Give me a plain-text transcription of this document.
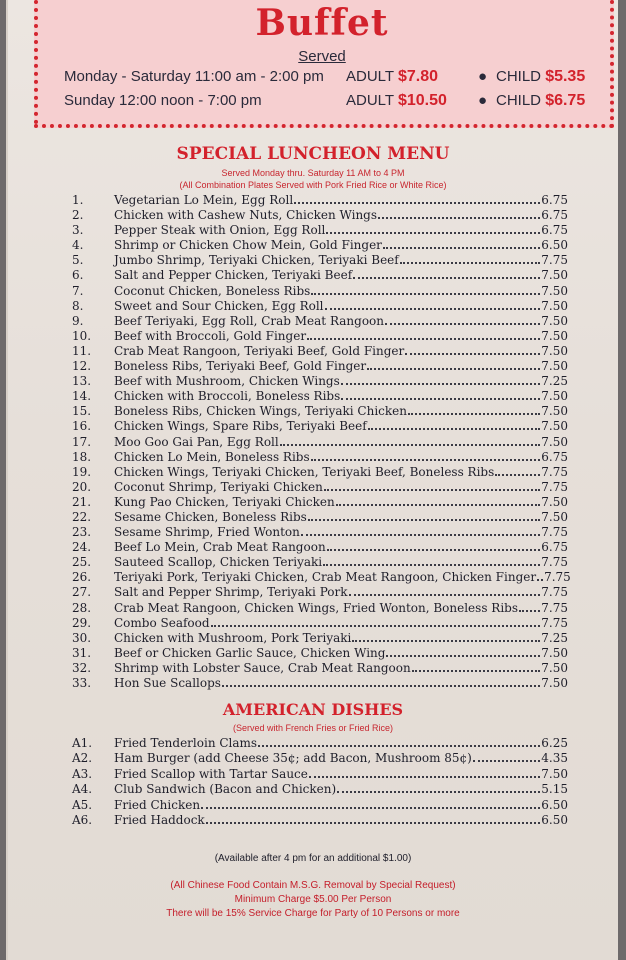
Buffet
Served
Monday - Saturday 11:00 am - 2:00 pm ADULT $7.80	● CHILD $5.35
Sunday 12:00 noon - 7:00 pm	ADULT $10.50 ● CHILD $6.75
SPECIAL LUNCHEON MENU
Served Monday thru. Saturday 11 AM to 4 PM
(All Combination Plates Served with Pork Fried Rice or White Rice)
1.	Vegetarian Lo Mein, Egg Roll	6.75
2.	Chicken with Cashew Nuts, Chicken Wings	6.75
3.	Pepper Steak with Onion, Egg Roll	6.75
4.	Shrimp or Chicken Chow Mein, Gold Finger	6.50
5.	Jumbo Shrimp, Teriyaki Chicken, Teriyaki Beef	7.75
6.	Salt and Pepper Chicken, Teriyaki Beef	7.50
7.	Coconut Chicken, Boneless Ribs	7.50
8.	Sweet and Sour Chicken, Egg Roll	7.50
9.	Beef Teriyaki, Egg Roll, Crab Meat Rangoon	7.50
10.	Beef with Broccoli, Gold Finger	7.50
11.	Crab Meat Rangoon, Teriyaki Beef, Gold Finger	7.50
12.	Boneless Ribs, Teriyaki Beef, Gold Finger	7.50
13.	Beef with Mushroom, Chicken Wings	7.25
14.	Chicken with Broccoli, Boneless Ribs	7.50
15.	Boneless Ribs, Chicken Wings, Teriyaki Chicken	7.50
16.	Chicken Wings, Spare Ribs, Teriyaki Beef	7.50
17.	Moo Goo Gai Pan, Egg Roll	7.50
18.	Chicken Lo Mein, Boneless Ribs	6.75
19.	Chicken Wings, Teriyaki Chicken, Teriyaki Beef, Boneless Ribs	7.75
20.	Coconut Shrimp, Teriyaki Chicken	7.75
21.	Kung Pao Chicken, Teriyaki Chicken	7.50
22.	Sesame Chicken, Boneless Ribs	7.50
23.	Sesame Shrimp, Fried Wonton	7.75
24.	Beef Lo Mein, Crab Meat Rangoon	6.75
25.	Sauteed Scallop, Chicken Teriyaki	7.75
26.	Teriyaki Pork, Teriyaki Chicken, Crab Meat Rangoon, Chicken Finger 7.75
27.	Salt and Pepper Shrimp, Teriyaki Pork	7.75
28.	Crab Meat Rangoon, Chicken Wings, Fried Wonton, Boneless Ribs 7.75
29.	Combo Seafood	7.75
30.	Chicken with Mushroom, Pork Teriyaki	7.25
31.	Beef or Chicken Garlic Sauce, Chicken Wing	7.50
32.	Shrimp with Lobster Sauce, Crab Meat Rangoon	7.50
33.	Hon Sue Scallops	7.50
AMERICAN DISHES
(Served with French Fries or Fried Rice)
A1.	Fried Tenderloin Clams	6.25
A2.	Ham Burger (add Cheese 35¢; add Bacon, Mushroom 85¢)	4.35
A3.	Fried Scallop with Tartar Sauce	7.50
A4.	Club Sandwich (Bacon and Chicken)	5.15
A5.	Fried Chicken	6.50
A6.	Fried Haddock	6.50
(Available after 4 pm for an additional $1.00)
(All Chinese Food Contain M.S.G. Removal by Special Request)
Minimum Charge $5.00 Per Person
There will be 15% Service Charge for Party of 10 Persons or more
